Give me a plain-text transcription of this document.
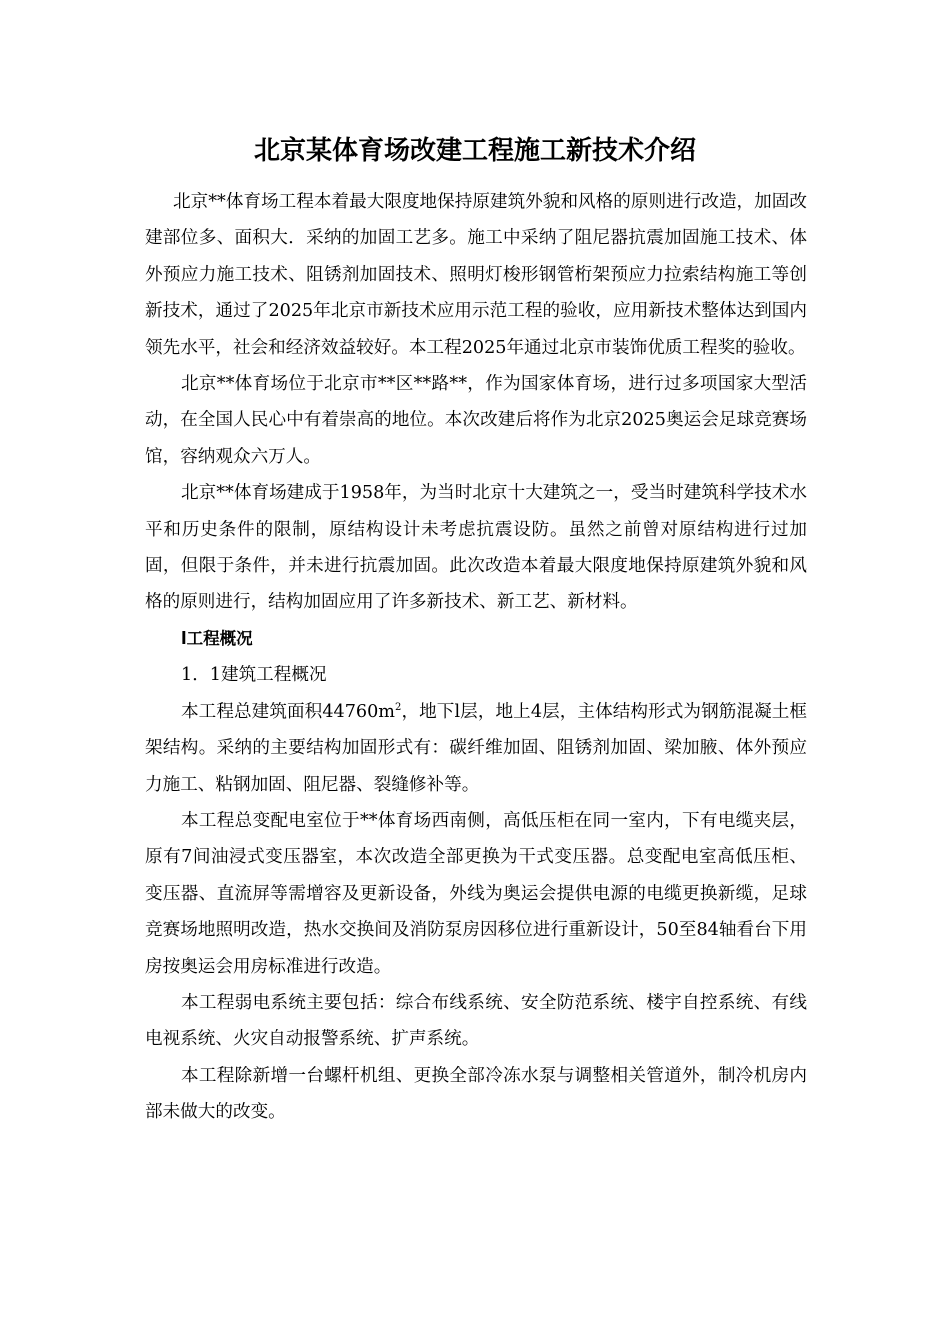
北京某体育场改建工程施工新技术介绍

北京**体育场工程本着最大限度地保持原建筑外貌和风格的原则进行改造，加固改建部位多、面积大．采纳的加固工艺多。施工中采纳了阻尼器抗震加固施工技术、体外预应力施工技术、阻锈剂加固技术、照明灯梭形钢管桁架预应力拉索结构施工等创新技术，通过了2025年北京市新技术应用示范工程的验收，应用新技术整体达到国内领先水平，社会和经济效益较好。本工程2025年通过北京市装饰优质工程奖的验收。

北京**体育场位于北京市**区**路**，作为国家体育场，进行过多项国家大型活动，在全国人民心中有着崇高的地位。本次改建后将作为北京2025奥运会足球竞赛场馆，容纳观众六万人。

北京**体育场建成于1958年，为当时北京十大建筑之一，受当时建筑科学技术水平和历史条件的限制，原结构设计未考虑抗震设防。虽然之前曾对原结构进行过加固，但限于条件，并未进行抗震加固。此次改造本着最大限度地保持原建筑外貌和风格的原则进行，结构加固应用了许多新技术、新工艺、新材料。

l工程概况

1．1建筑工程概况

本工程总建筑面积$44760m^2$，地下l层，地上4层，主体结构形式为钢筋混凝土框架结构。采纳的主要结构加固形式有：碳纤维加固、阻锈剂加固、梁加腋、体外预应力施工、粘钢加固、阻尼器、裂缝修补等。

本工程总变配电室位于**体育场西南侧，高低压柜在同一室内，下有电缆夹层，原有7间油浸式变压器室，本次改造全部更换为干式变压器。总变配电室高低压柜、变压器、直流屏等需增容及更新设备，外线为奥运会提供电源的电缆更换新缆，足球竞赛场地照明改造，热水交换间及消防泵房因移位进行重新设计，50至84轴看台下用房按奥运会用房标准进行改造。

本工程弱电系统主要包括：综合布线系统、安全防范系统、楼宇自控系统、有线电视系统、火灾自动报警系统、扩声系统。

本工程除新增一台螺杆机组、更换全部冷冻水泵与调整相关管道外，制冷机房内部未做大的改变。
